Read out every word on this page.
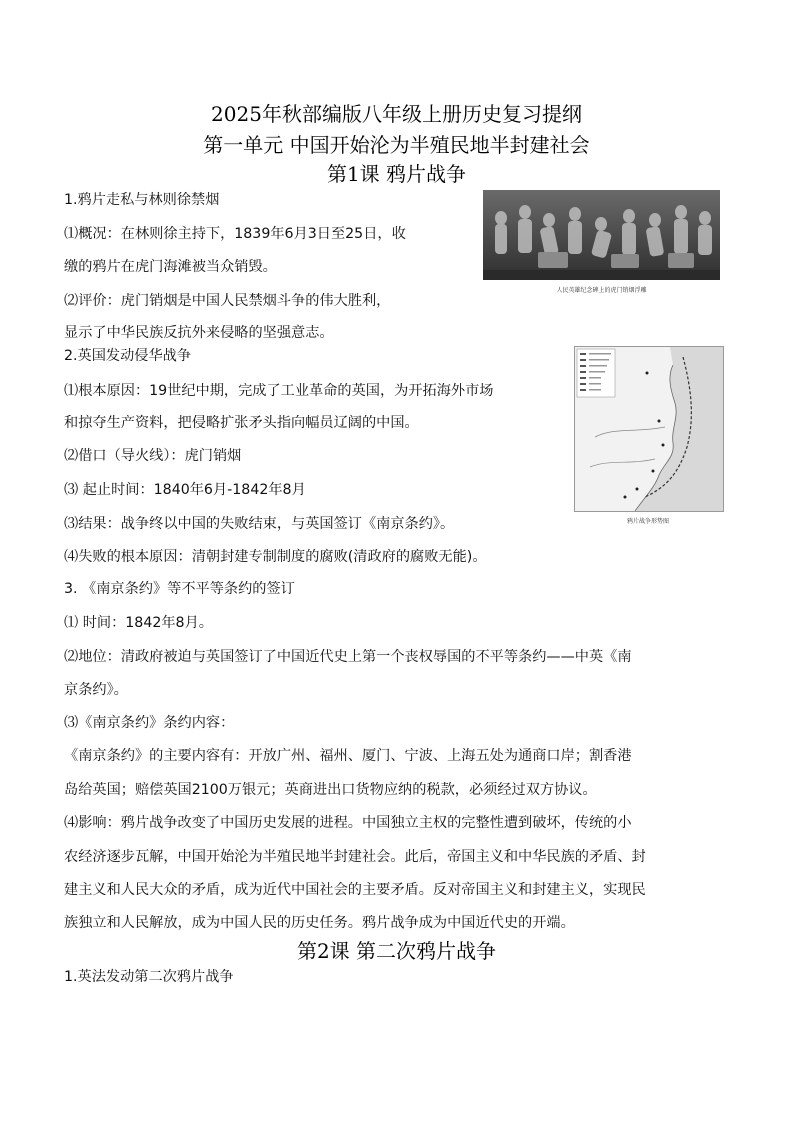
2025年秋部编版八年级上册历史复习提纲
第一单元 中国开始沦为半殖民地半封建社会
第1课 鸦片战争
人民英雄纪念碑上的虎门销烟浮雕
鸦片战争形势图
1.鸦片走私与林则徐禁烟
⑴概况：在林则徐主持下，1839年6月3日至25日，收
缴的鸦片在虎门海滩被当众销毁。
⑵评价：虎门销烟是中国人民禁烟斗争的伟大胜利，
显示了中华民族反抗外来侵略的坚强意志。
2.英国发动侵华战争
⑴根本原因：19世纪中期，完成了工业革命的英国，为开拓海外市场
和掠夺生产资料，把侵略扩张矛头指向幅员辽阔的中国。
⑵借口（导火线）：虎门销烟
⑶ 起止时间：1840年6月-1842年8月
⑶结果：战争终以中国的失败结束，与英国签订《南京条约》。
⑷失败的根本原因：清朝封建专制制度的腐败(清政府的腐败无能)。
3. 《南京条约》等不平等条约的签订
⑴ 时间：1842年8月。
⑵地位：清政府被迫与英国签订了中国近代史上第一个丧权辱国的不平等条约——中英《南
京条约》。
⑶《南京条约》条约内容：
《南京条约》的主要内容有：开放广州、福州、厦门、宁波、上海五处为通商口岸；割香港
岛给英国；赔偿英国2100万银元；英商进出口货物应纳的税款，必须经过双方协议。
⑷影响：鸦片战争改变了中国历史发展的进程。中国独立主权的完整性遭到破坏，传统的小
农经济逐步瓦解，中国开始沦为半殖民地半封建社会。此后，帝国主义和中华民族的矛盾、封
建主义和人民大众的矛盾，成为近代中国社会的主要矛盾。反对帝国主义和封建主义，实现民
族独立和人民解放，成为中国人民的历史任务。鸦片战争成为中国近代史的开端。
第2课 第二次鸦片战争
1.英法发动第二次鸦片战争
